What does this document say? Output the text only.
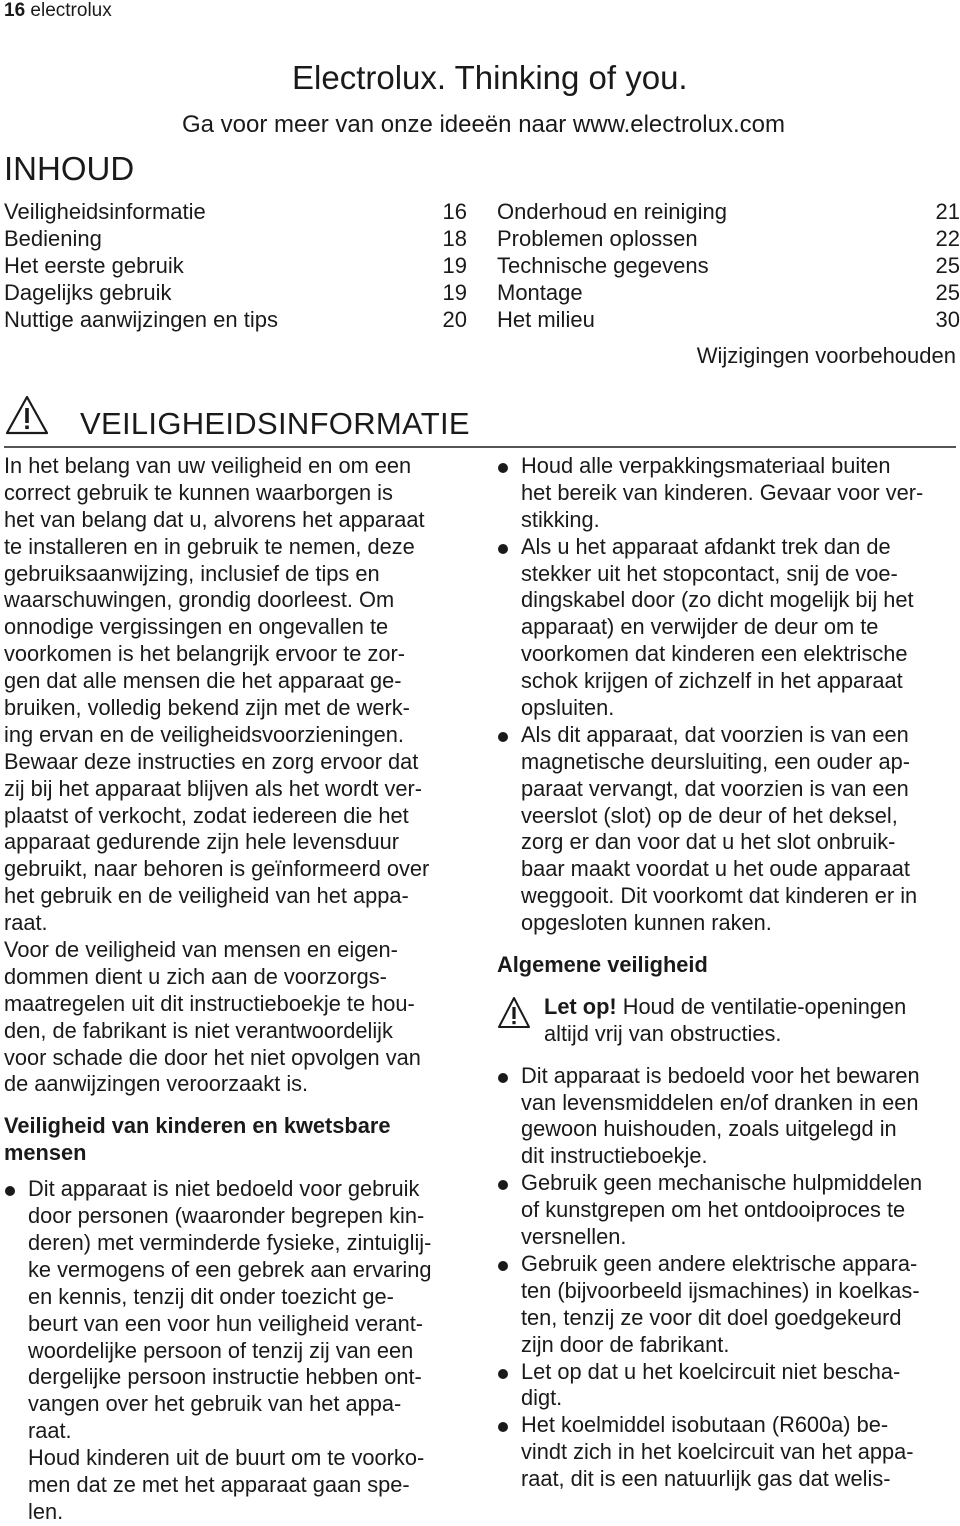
16 electrolux
Electrolux. Thinking of you.
Ga voor meer van onze ideeën naar www.electrolux.com
INHOUD
Veiligheidsinformatie	16
Bediening	18
Het eerste gebruik	19
Dagelijks gebruik	19
Nuttige aanwijzingen en tips	20
Onderhoud en reiniging	21
Problemen oplossen	22
Technische gegevens	25
Montage	25
Het milieu	30
Wijzigingen voorbehouden
VEILIGHEIDSINFORMATIE
In het belang van uw veiligheid en om een
correct gebruik te kunnen waarborgen is
het van belang dat u, alvorens het apparaat
te installeren en in gebruik te nemen, deze
gebruiksaanwijzing, inclusief de tips en
waarschuwingen, grondig doorleest. Om
onnodige vergissingen en ongevallen te
voorkomen is het belangrijk ervoor te zor-
gen dat alle mensen die het apparaat ge-
bruiken, volledig bekend zijn met de werk-
ing ervan en de veiligheidsvoorzieningen.
Bewaar deze instructies en zorg ervoor dat
zij bij het apparaat blijven als het wordt ver-
plaatst of verkocht, zodat iedereen die het
apparaat gedurende zijn hele levensduur
gebruikt, naar behoren is geïnformeerd over
het gebruik en de veiligheid van het appa-
raat.
Voor de veiligheid van mensen en eigen-
dommen dient u zich aan de voorzorgs-
maatregelen uit dit instructieboekje te hou-
den, de fabrikant is niet verantwoordelijk
voor schade die door het niet opvolgen van
de aanwijzingen veroorzaakt is.
Veiligheid van kinderen en kwetsbare
mensen
Dit apparaat is niet bedoeld voor gebruik
door personen (waaronder begrepen kin-
deren) met verminderde fysieke, zintuiglij-
ke vermogens of een gebrek aan ervaring
en kennis, tenzij dit onder toezicht ge-
beurt van een voor hun veiligheid verant-
woordelijke persoon of tenzij zij van een
dergelijke persoon instructie hebben ont-
vangen over het gebruik van het appa-
raat.
Houd kinderen uit de buurt om te voorko-
men dat ze met het apparaat gaan spe-
len.
Houd alle verpakkingsmateriaal buiten
het bereik van kinderen. Gevaar voor ver-
stikking.
Als u het apparaat afdankt trek dan de
stekker uit het stopcontact, snij de voe-
dingskabel door (zo dicht mogelijk bij het
apparaat) en verwijder de deur om te
voorkomen dat kinderen een elektrische
schok krijgen of zichzelf in het apparaat
opsluiten.
Als dit apparaat, dat voorzien is van een
magnetische deursluiting, een ouder ap-
paraat vervangt, dat voorzien is van een
veerslot (slot) op de deur of het deksel,
zorg er dan voor dat u het slot onbruik-
baar maakt voordat u het oude apparaat
weggooit. Dit voorkomt dat kinderen er in
opgesloten kunnen raken.
Algemene veiligheid
Let op! Houd de ventilatie-openingen
altijd vrij van obstructies.
Dit apparaat is bedoeld voor het bewaren
van levensmiddelen en/of dranken in een
gewoon huishouden, zoals uitgelegd in
dit instructieboekje.
Gebruik geen mechanische hulpmiddelen
of kunstgrepen om het ontdooiproces te
versnellen.
Gebruik geen andere elektrische appara-
ten (bijvoorbeeld ijsmachines) in koelkas-
ten, tenzij ze voor dit doel goedgekeurd
zijn door de fabrikant.
Let op dat u het koelcircuit niet bescha-
digt.
Het koelmiddel isobutaan (R600a) be-
vindt zich in het koelcircuit van het appa-
raat, dit is een natuurlijk gas dat welis-
